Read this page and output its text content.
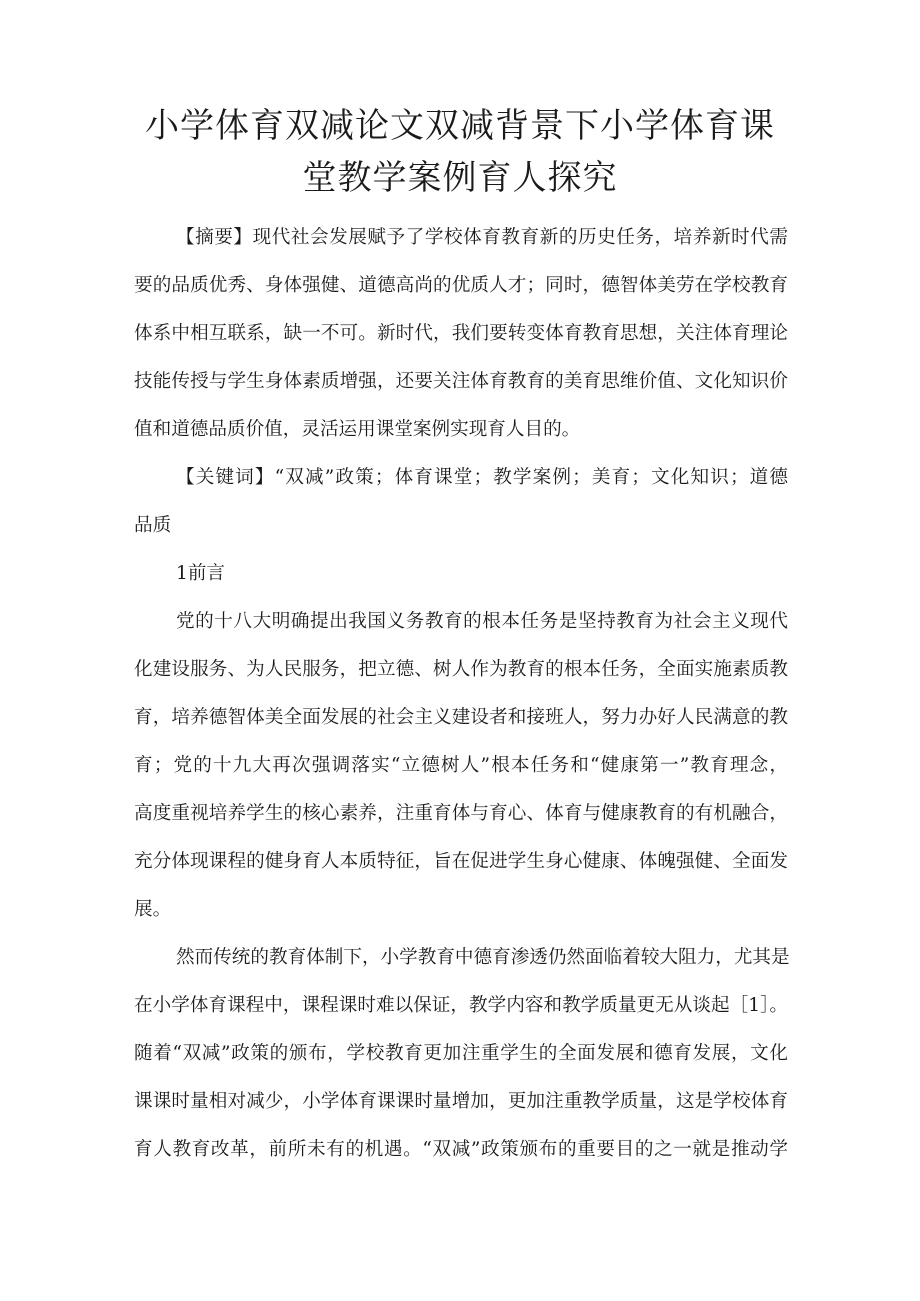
小学体育双减论文双减背景下小学体育课
堂教学案例育人探究
【摘要】现代社会发展赋予了学校体育教育新的历史任务，培养新时代需
要的品质优秀、身体强健、道德高尚的优质人才；同时，德智体美劳在学校教育
体系中相互联系，缺一不可。新时代，我们要转变体育教育思想，关注体育理论
技能传授与学生身体素质增强，还要关注体育教育的美育思维价值、文化知识价
值和道德品质价值，灵活运用课堂案例实现育人目的。
【关键词】“双减”政策；体育课堂；教学案例；美育；文化知识；道德
品质
1前言
党的十八大明确提出我国义务教育的根本任务是坚持教育为社会主义现代
化建设服务、为人民服务，把立德、树人作为教育的根本任务，全面实施素质教
育，培养德智体美全面发展的社会主义建设者和接班人，努力办好人民满意的教
育；党的十九大再次强调落实“立德树人”根本任务和“健康第一”教育理念，
高度重视培养学生的核心素养，注重育体与育心、体育与健康教育的有机融合，
充分体现课程的健身育人本质特征，旨在促进学生身心健康、体魄强健、全面发
展。
然而传统的教育体制下，小学教育中德育渗透仍然面临着较大阻力，尤其是
在小学体育课程中，课程课时难以保证，教学内容和教学质量更无从谈起［1］。
随着“双减”政策的颁布，学校教育更加注重学生的全面发展和德育发展，文化
课课时量相对减少，小学体育课课时量增加，更加注重教学质量，这是学校体育
育人教育改革，前所未有的机遇。“双减”政策颁布的重要目的之一就是推动学
